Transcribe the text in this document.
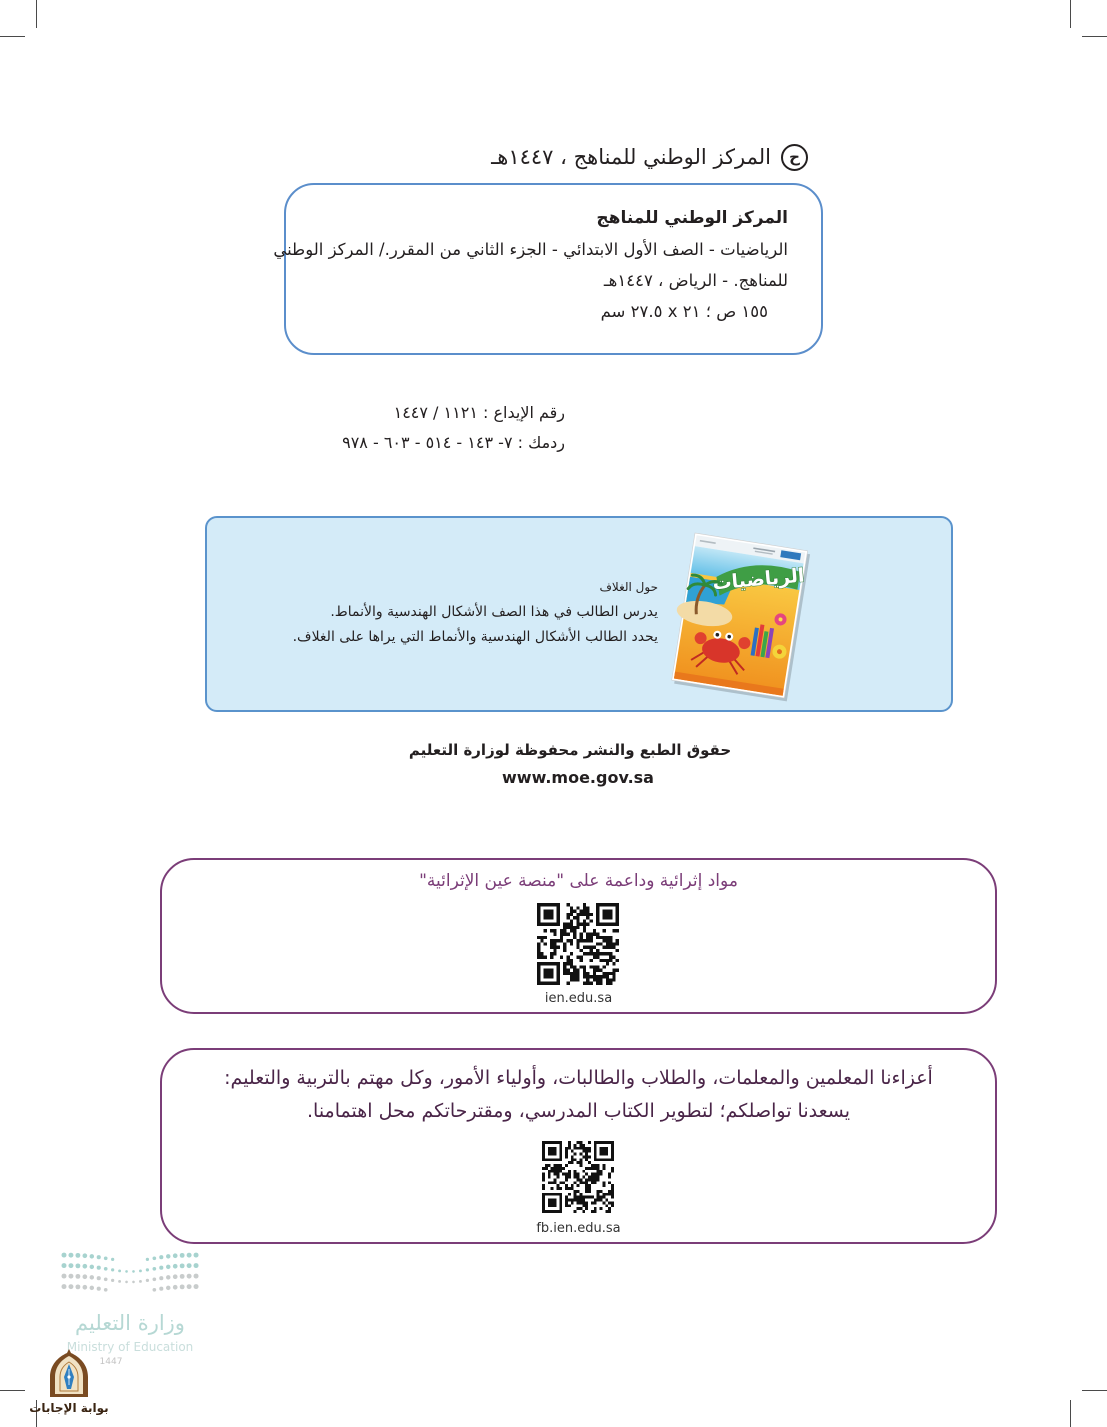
ح
المركز الوطني للمناهج ، ١٤٤٧هـ
المركز الوطني للمناهج
الرياضيات - الصف الأول الابتدائي - الجزء الثاني من المقرر./ المركز الوطني
للمناهج. - الرياض ، ١٤٤٧هـ
١٥٥ ص ؛ ٢١ x ٢٧.٥ سم
رقم الإيداع : ١١٢١ / ١٤٤٧
ردمك : ٧- ١٤٣ - ٥١٤ - ٦٠٣ - ٩٧٨
الرياضيات
حول الغلاف
يدرس الطالب في هذا الصف الأشكال الهندسية والأنماط.
يحدد الطالب الأشكال الهندسية والأنماط التي يراها على الغلاف.
حقوق الطبع والنشر محفوظة لوزارة التعليم
www.moe.gov.sa
مواد إثرائية وداعمة على "منصة عين الإثرائية"
ien.edu.sa
أعزاءنا المعلمين والمعلمات، والطلاب والطالبات، وأولياء الأمور، وكل مهتم بالتربية والتعليم:
يسعدنا تواصلكم؛ لتطوير الكتاب المدرسي، ومقترحاتكم محل اهتمامنا.
fb.ien.edu.sa
وزارة التعليم
Ministry of Education
1447
بوابة الإجابات
